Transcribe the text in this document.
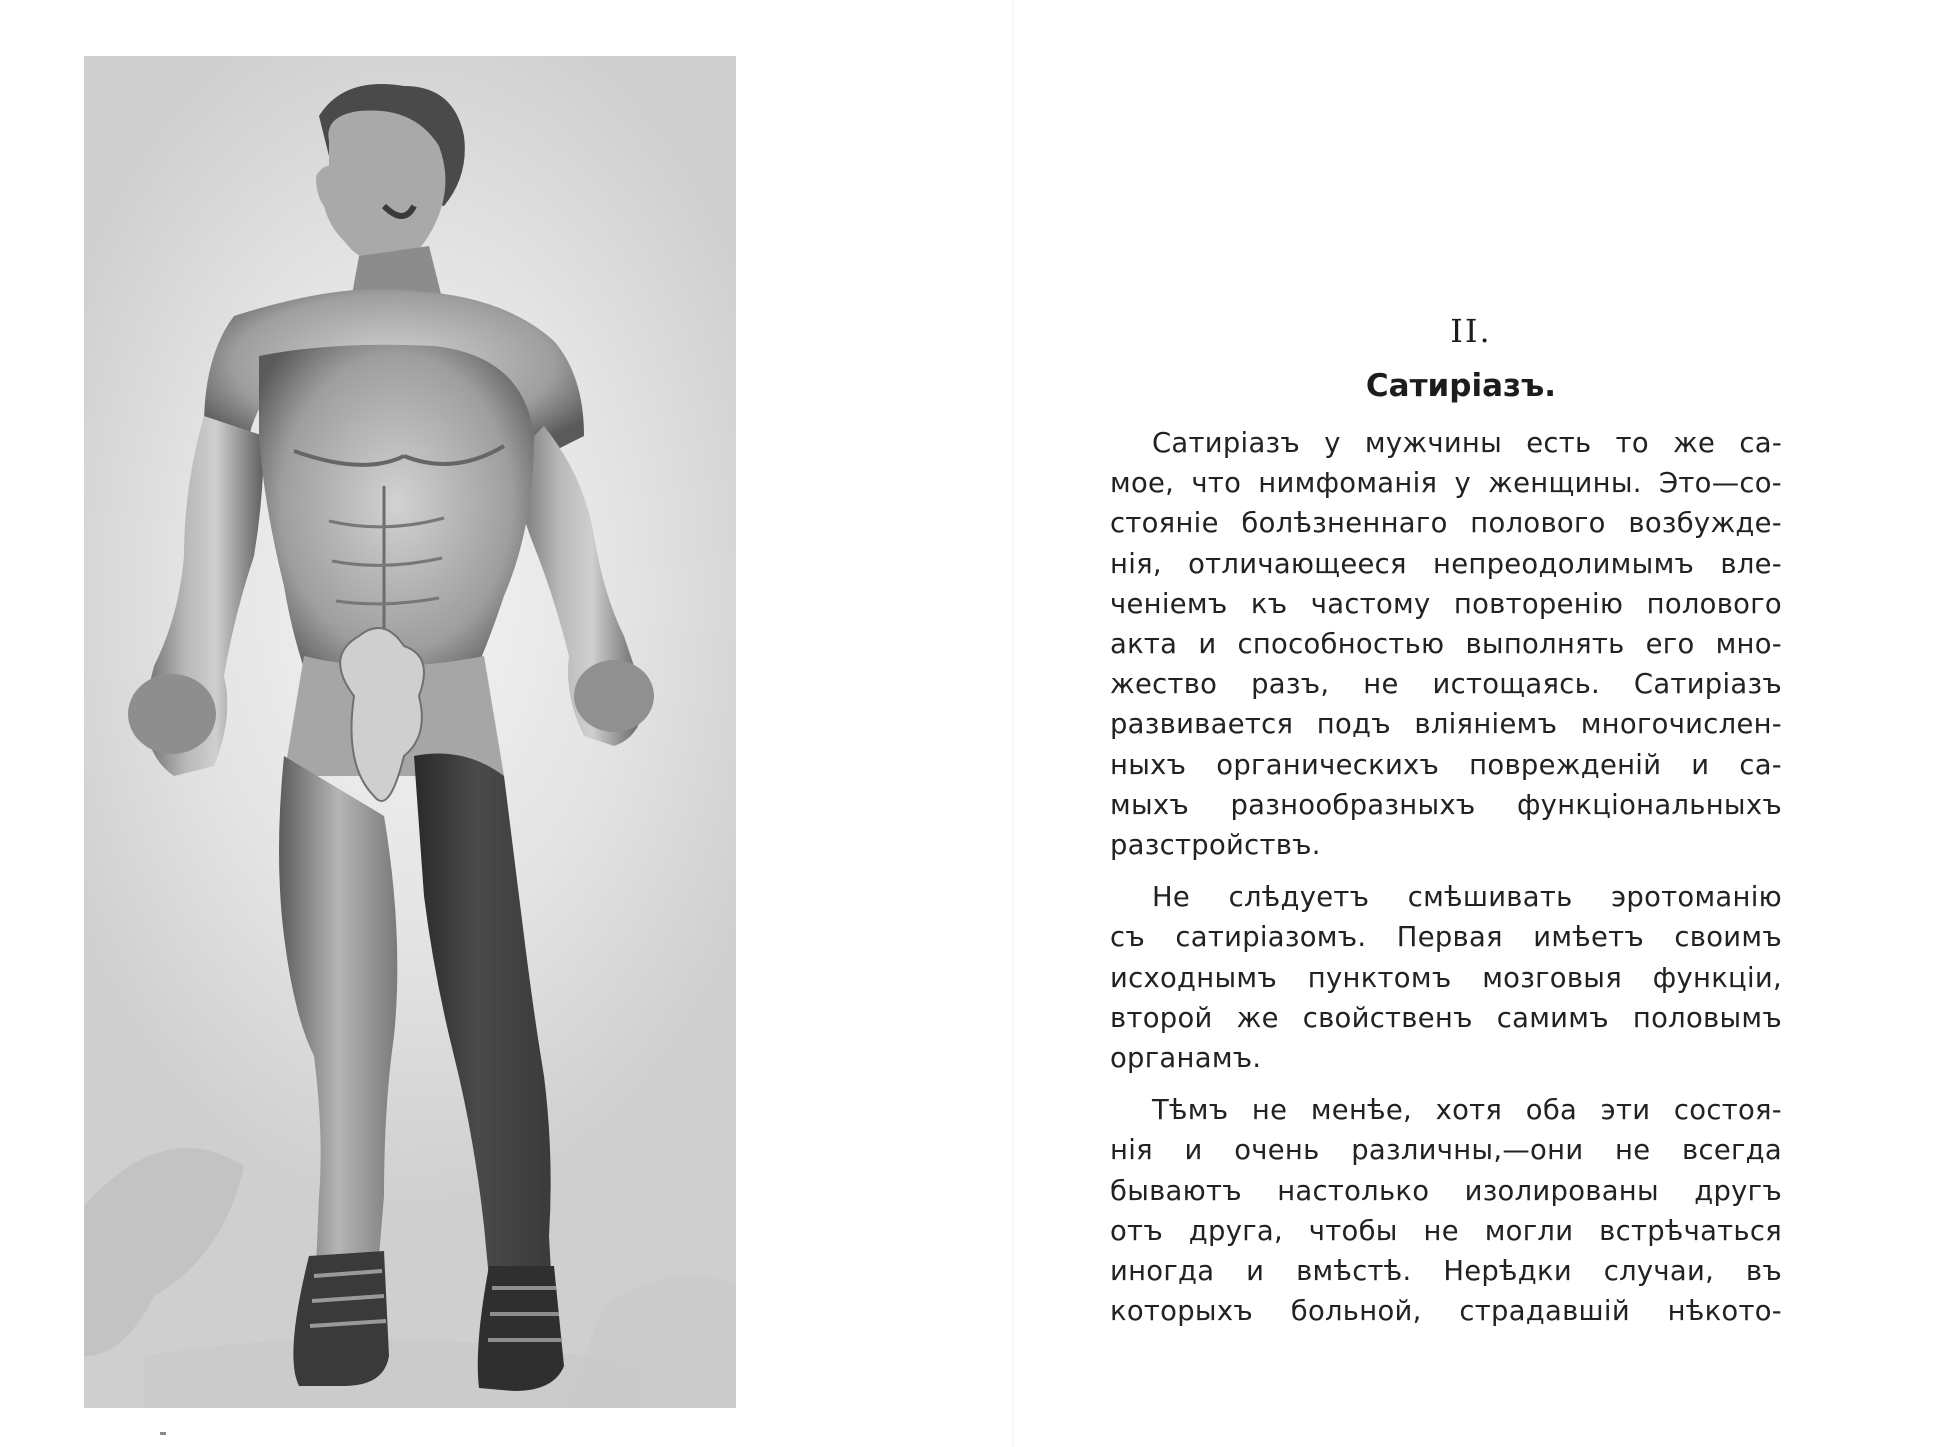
II.
Сатиріазъ.
Сатиріазъ у мужчины есть то же са-
мое, что нимфоманія у женщины. Это—со-
стояніе болѣзненнаго полового возбужде-
нія, отличающееся непреодолимымъ вле-
ченіемъ къ частому повторенію полового
акта и способностью выполнять его мно-
жество разъ, не истощаясь. Сатиріазъ
развивается подъ вліяніемъ многочислен-
ныхъ органическихъ поврежденій и са-
мыхъ разнообразныхъ функціональныхъ
разстройствъ.
Не слѣдуетъ смѣшивать эротоманію
съ сатиріазомъ. Первая имѣетъ своимъ
исходнымъ пунктомъ мозговыя функціи,
второй же свойственъ самимъ половымъ
органамъ.
Тѣмъ не менѣе, хотя оба эти состоя-
нія и очень различны,—они не всегда
бываютъ настолько изолированы другъ
отъ друга, чтобы не могли встрѣчаться
иногда и вмѣстѣ. Нерѣдки случаи, въ
которыхъ больной, страдавшій нѣкото-
